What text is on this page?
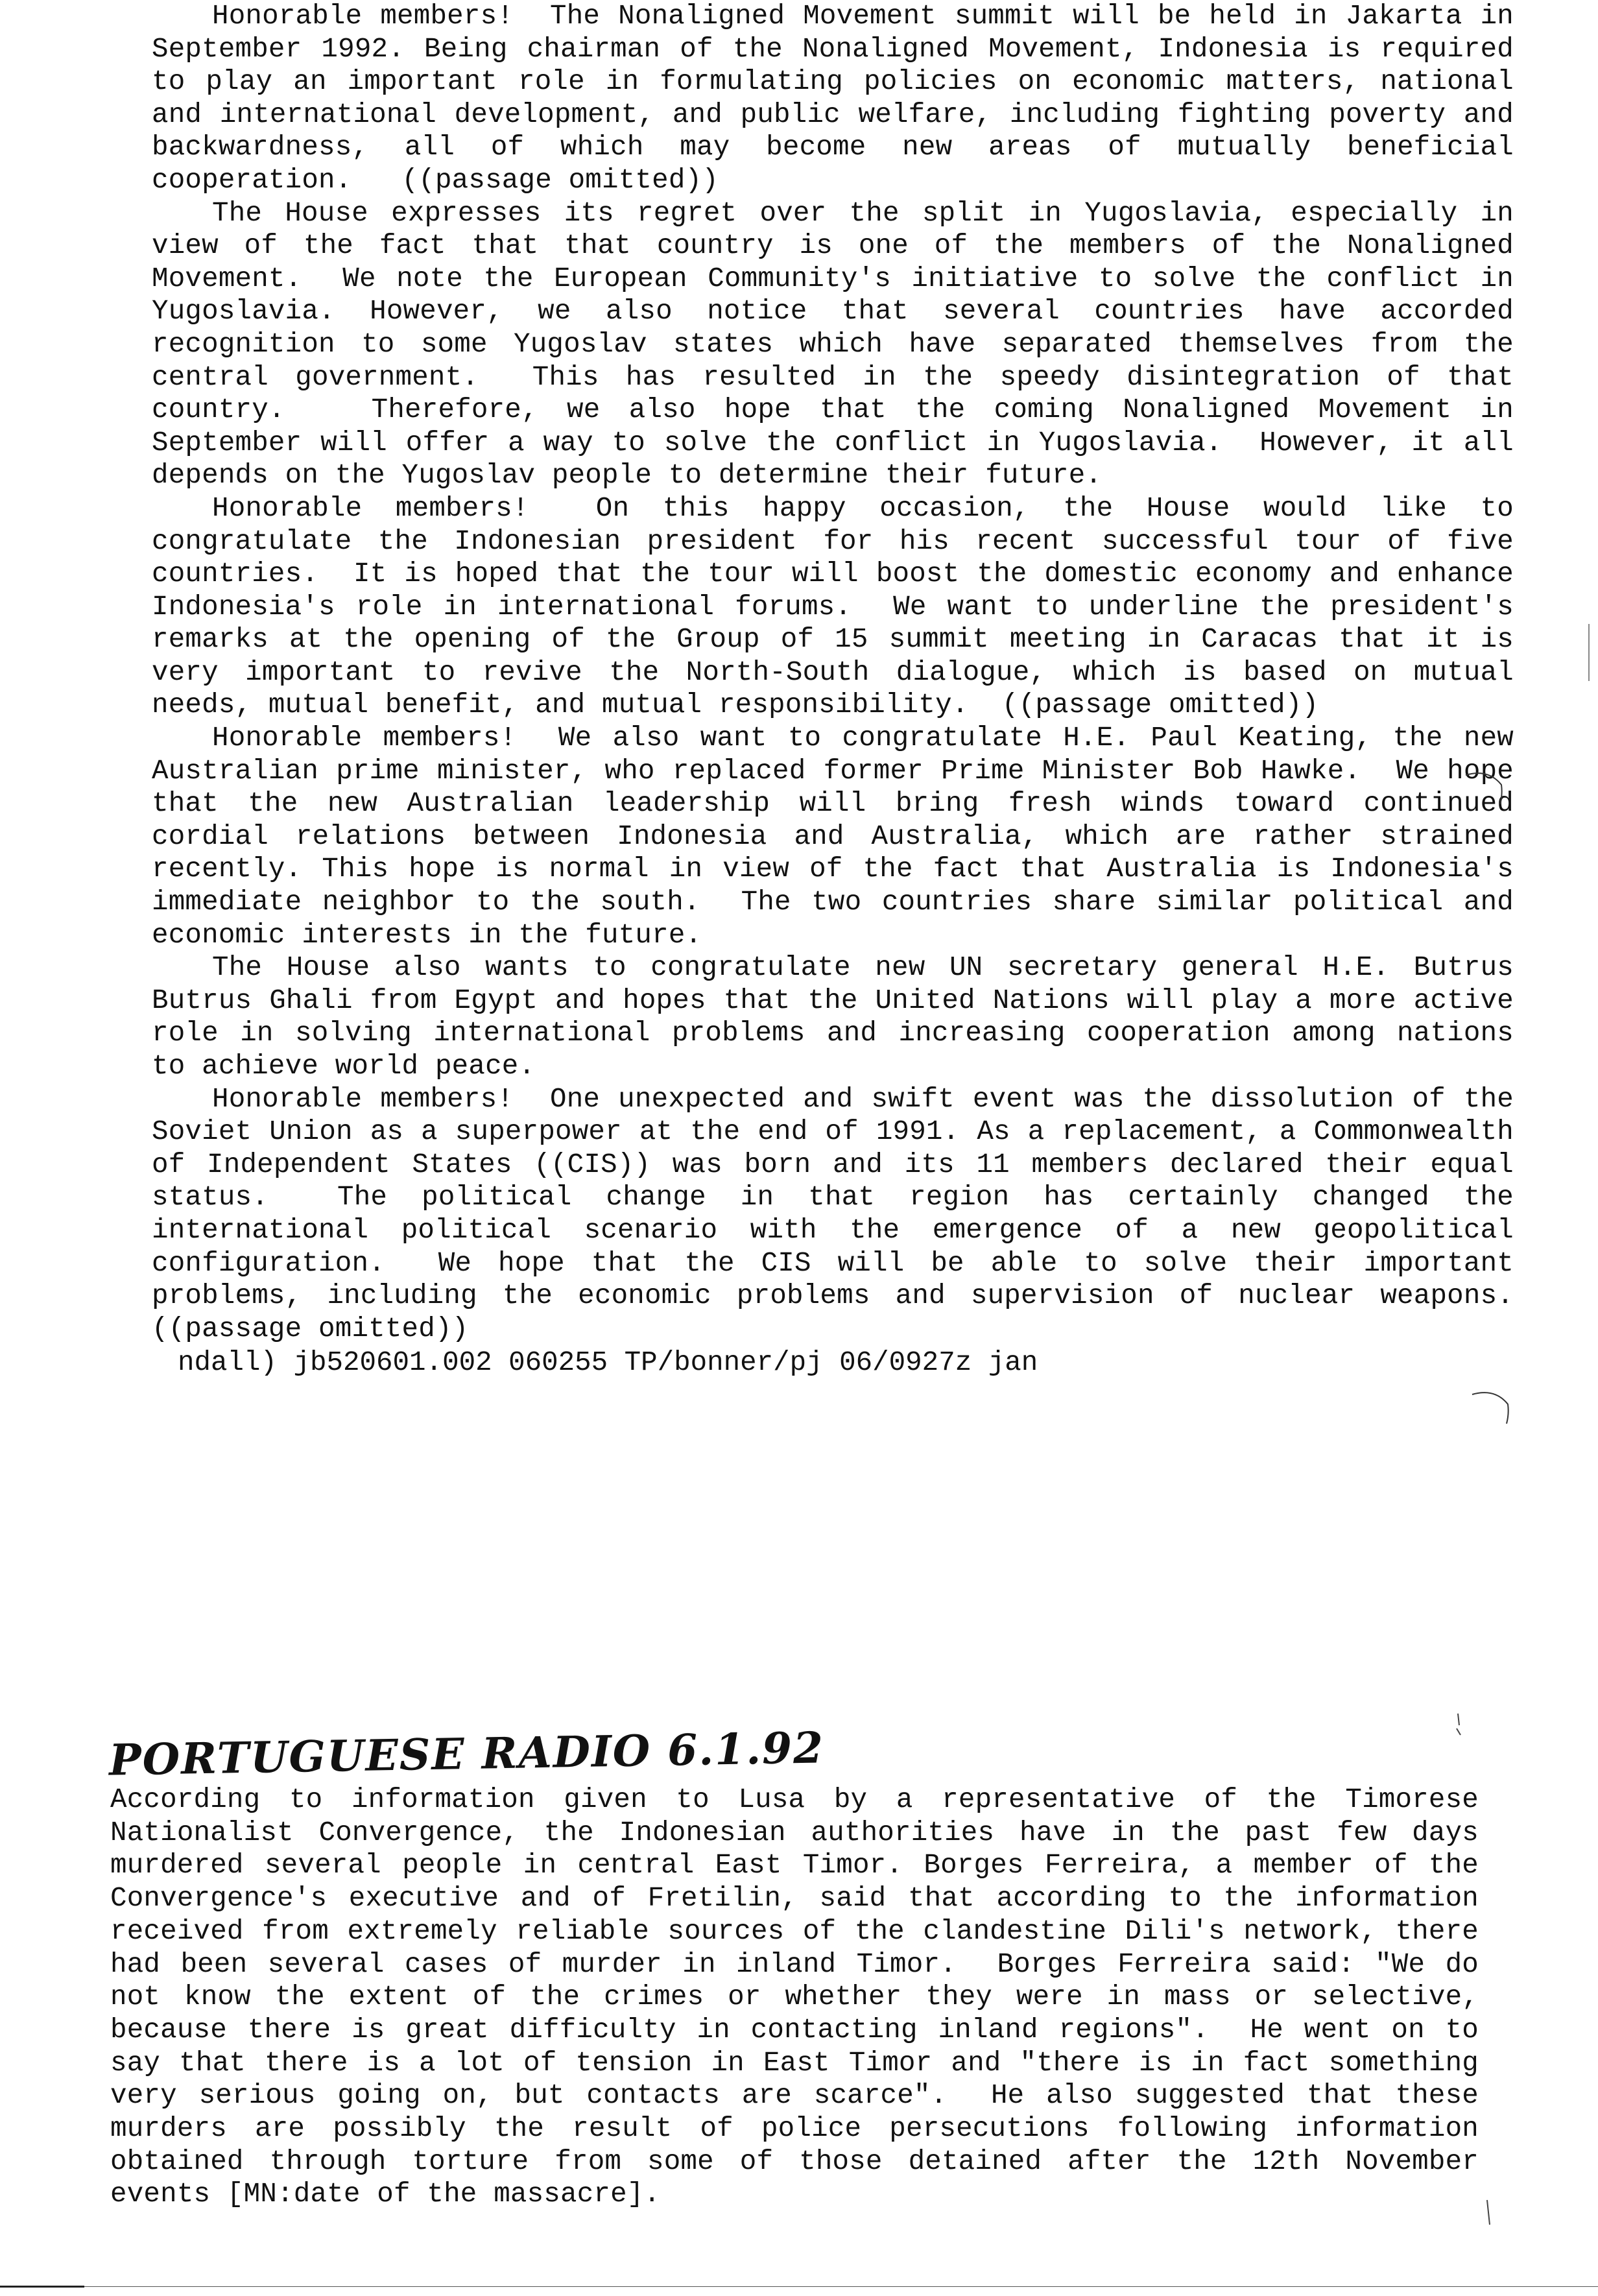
Honorable members!  The Nonaligned Movement summit will be held in Jakarta in September 1992. Being chairman of the Nonaligned Movement, Indonesia is required to play an important role in formulating policies on economic matters, national and international development, and public welfare, including fighting poverty and backwardness, all of which may become new areas of mutually beneficial cooperation.   ((passage omitted))

The House expresses its regret over the split in Yugoslavia, especially in view of the fact that that country is one of the members of the Nonaligned Movement.  We note the European Community's initiative to solve the conflict in Yugoslavia. However, we also notice that several countries have accorded recognition to some Yugoslav states which have separated themselves from the central government.  This has resulted in the speedy disintegration of that country.   Therefore, we also hope that the coming Nonaligned Movement in September will offer a way to solve the conflict in Yugoslavia.  However, it all depends on the Yugoslav people to determine their future.

Honorable members!  On this happy occasion, the House would like to congratulate the Indonesian president for his recent successful tour of five countries.  It is hoped that the tour will boost the domestic economy and enhance Indonesia's role in international forums.  We want to underline the president's remarks at the opening of the Group of 15 summit meeting in Caracas that it is very important to revive the North-South dialogue, which is based on mutual needs, mutual benefit, and mutual responsibility.  ((passage omitted))

Honorable members!  We also want to congratulate H.E. Paul Keating, the new Australian prime minister, who replaced former Prime Minister Bob Hawke.  We hope that the new Australian leadership will bring fresh winds toward continued cordial relations between Indonesia and Australia, which are rather strained recently. This hope is normal in view of the fact that Australia is Indonesia's immediate neighbor to the south.  The two countries share similar political and economic interests in the future.

The House also wants to congratulate new UN secretary general H.E. Butrus Butrus Ghali from Egypt and hopes that the United Nations will play a more active role in solving international problems and increasing cooperation among nations to achieve world peace.

Honorable members!  One unexpected and swift event was the dissolution of the Soviet Union as a superpower at the end of 1991. As a replacement, a Commonwealth of Independent States ((CIS)) was born and its 11 members declared their equal status.  The political change in that region has certainly changed the international political scenario with the emergence of a new geopolitical configuration.  We hope that the CIS will be able to solve their important problems, including the economic problems and supervision of nuclear weapons. ((passage omitted))

ndall) jb520601.002 060255 TP/bonner/pj 06/0927z jan

PORTUGUESE RADIO 6.1.92

According to information given to Lusa by a representative of the Timorese Nationalist Convergence, the Indonesian authorities have in the past few days murdered several people in central East Timor. Borges Ferreira, a member of the Convergence's executive and of Fretilin, said that according to the information received from extremely reliable sources of the clandestine Dili's network, there had been several cases of murder in inland Timor.  Borges Ferreira said: "We do not know the extent of the crimes or whether they were in mass or selective, because there is great difficulty in contacting inland regions".  He went on to say that there is a lot of tension in East Timor and "there is in fact something very serious going on, but contacts are scarce".  He also suggested that these murders are possibly the result of police persecutions following information obtained through torture from some of those detained after the 12th November events [MN:date of the massacre].
